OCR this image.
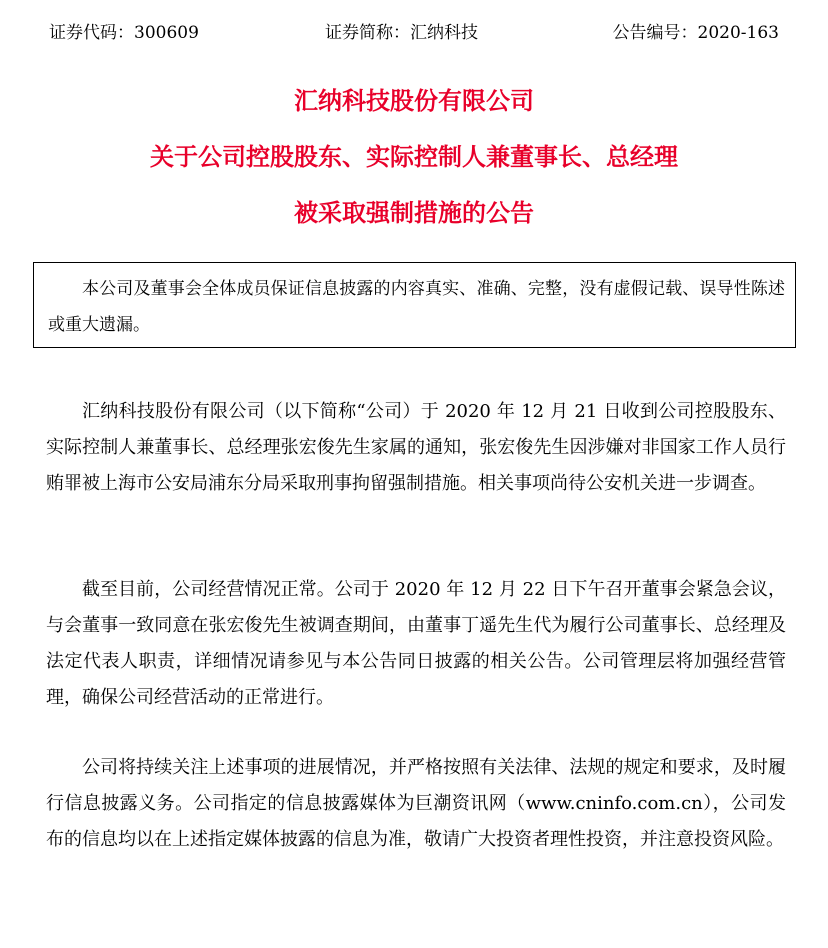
证券代码：300609	证券简称：汇纳科技	公告编号：2020-163
汇纳科技股份有限公司
关于公司控股股东、实际控制人兼董事长、总经理
被采取强制措施的公告

本公司及董事会全体成员保证信息披露的内容真实、准确、完整，没有虚假记载、误导性陈述或重大遗漏。

汇纳科技股份有限公司（以下简称“公司）于 2020 年 12 月 21 日收到公司控股股东、实际控制人兼董事长、总经理张宏俊先生家属的通知，张宏俊先生因涉嫌对非国家工作人员行贿罪被上海市公安局浦东分局采取刑事拘留强制措施。相关事项尚待公安机关进一步调查。

截至目前，公司经营情况正常。公司于 2020 年 12 月 22 日下午召开董事会紧急会议，与会董事一致同意在张宏俊先生被调查期间，由董事丁遥先生代为履行公司董事长、总经理及法定代表人职责，详细情况请参见与本公告同日披露的相关公告。公司管理层将加强经营管理，确保公司经营活动的正常进行。

公司将持续关注上述事项的进展情况，并严格按照有关法律、法规的规定和要求，及时履行信息披露义务。公司指定的信息披露媒体为巨潮资讯网（www.cninfo.com.cn），公司发布的信息均以在上述指定媒体披露的信息为准，敬请广大投资者理性投资，并注意投资风险。
